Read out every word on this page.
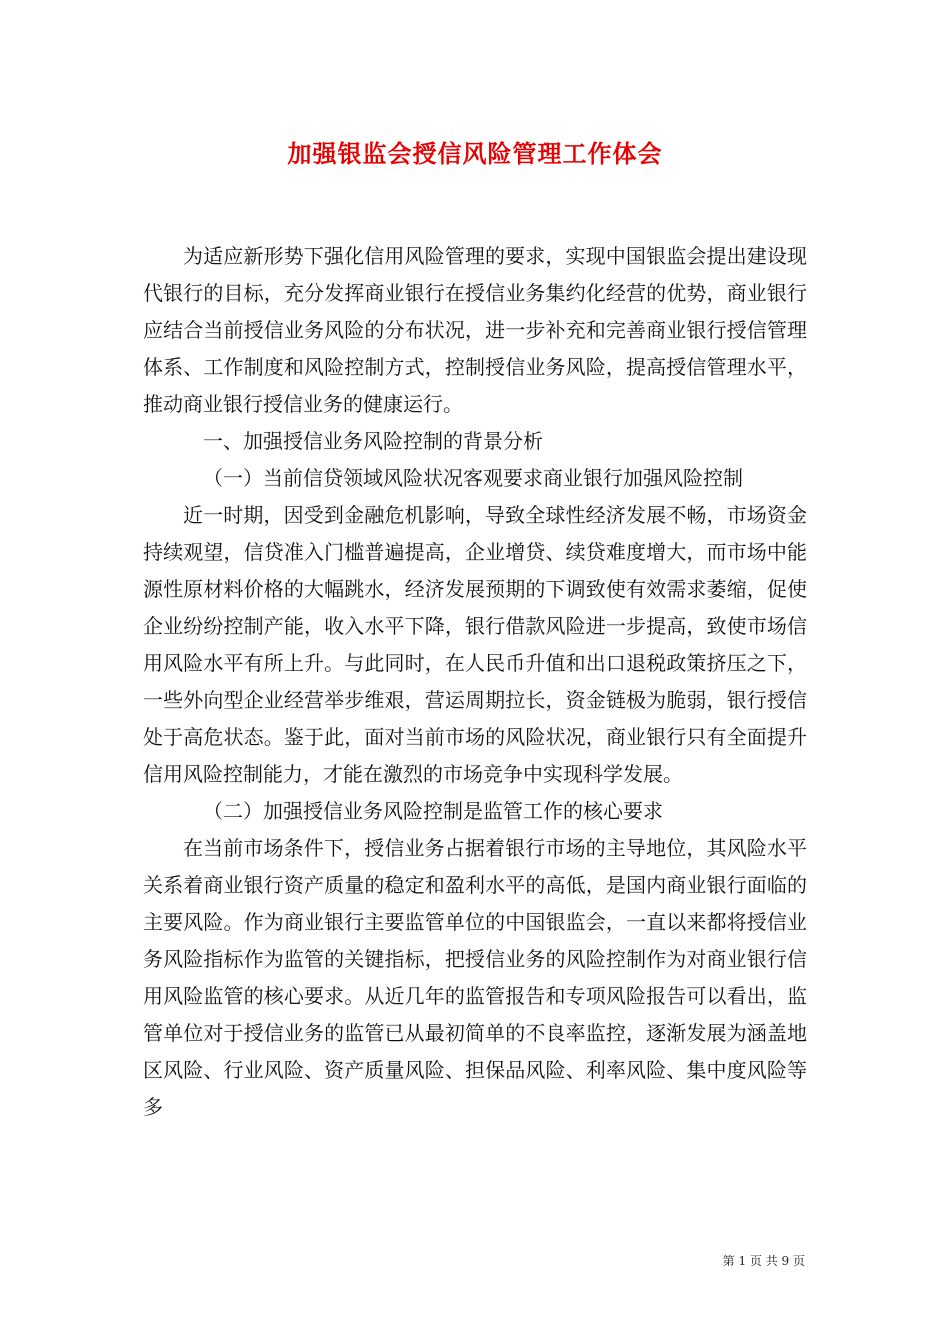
加强银监会授信风险管理工作体会

为适应新形势下强化信用风险管理的要求，实现中国银监会提出建设现代银行的目标，充分发挥商业银行在授信业务集约化经营的优势，商业银行应结合当前授信业务风险的分布状况，进一步补充和完善商业银行授信管理体系、工作制度和风险控制方式，控制授信业务风险，提高授信管理水平，推动商业银行授信业务的健康运行。

一、加强授信业务风险控制的背景分析

（一）当前信贷领域风险状况客观要求商业银行加强风险控制

近一时期，因受到金融危机影响，导致全球性经济发展不畅，市场资金持续观望，信贷准入门槛普遍提高，企业增贷、续贷难度增大，而市场中能源性原材料价格的大幅跳水，经济发展预期的下调致使有效需求萎缩，促使企业纷纷控制产能，收入水平下降，银行借款风险进一步提高，致使市场信用风险水平有所上升。与此同时，在人民币升值和出口退税政策挤压之下，一些外向型企业经营举步维艰，营运周期拉长，资金链极为脆弱，银行授信处于高危状态。鉴于此，面对当前市场的风险状况，商业银行只有全面提升信用风险控制能力，才能在激烈的市场竞争中实现科学发展。

（二）加强授信业务风险控制是监管工作的核心要求

在当前市场条件下，授信业务占据着银行市场的主导地位，其风险水平关系着商业银行资产质量的稳定和盈利水平的高低，是国内商业银行面临的主要风险。作为商业银行主要监管单位的中国银监会，一直以来都将授信业务风险指标作为监管的关键指标，把授信业务的风险控制作为对商业银行信用风险监管的核心要求。从近几年的监管报告和专项风险报告可以看出，监管单位对于授信业务的监管已从最初简单的不良率监控，逐渐发展为涵盖地区风险、行业风险、资产质量风险、担保品风险、利率风险、集中度风险等多

第 1 页 共 9 页
